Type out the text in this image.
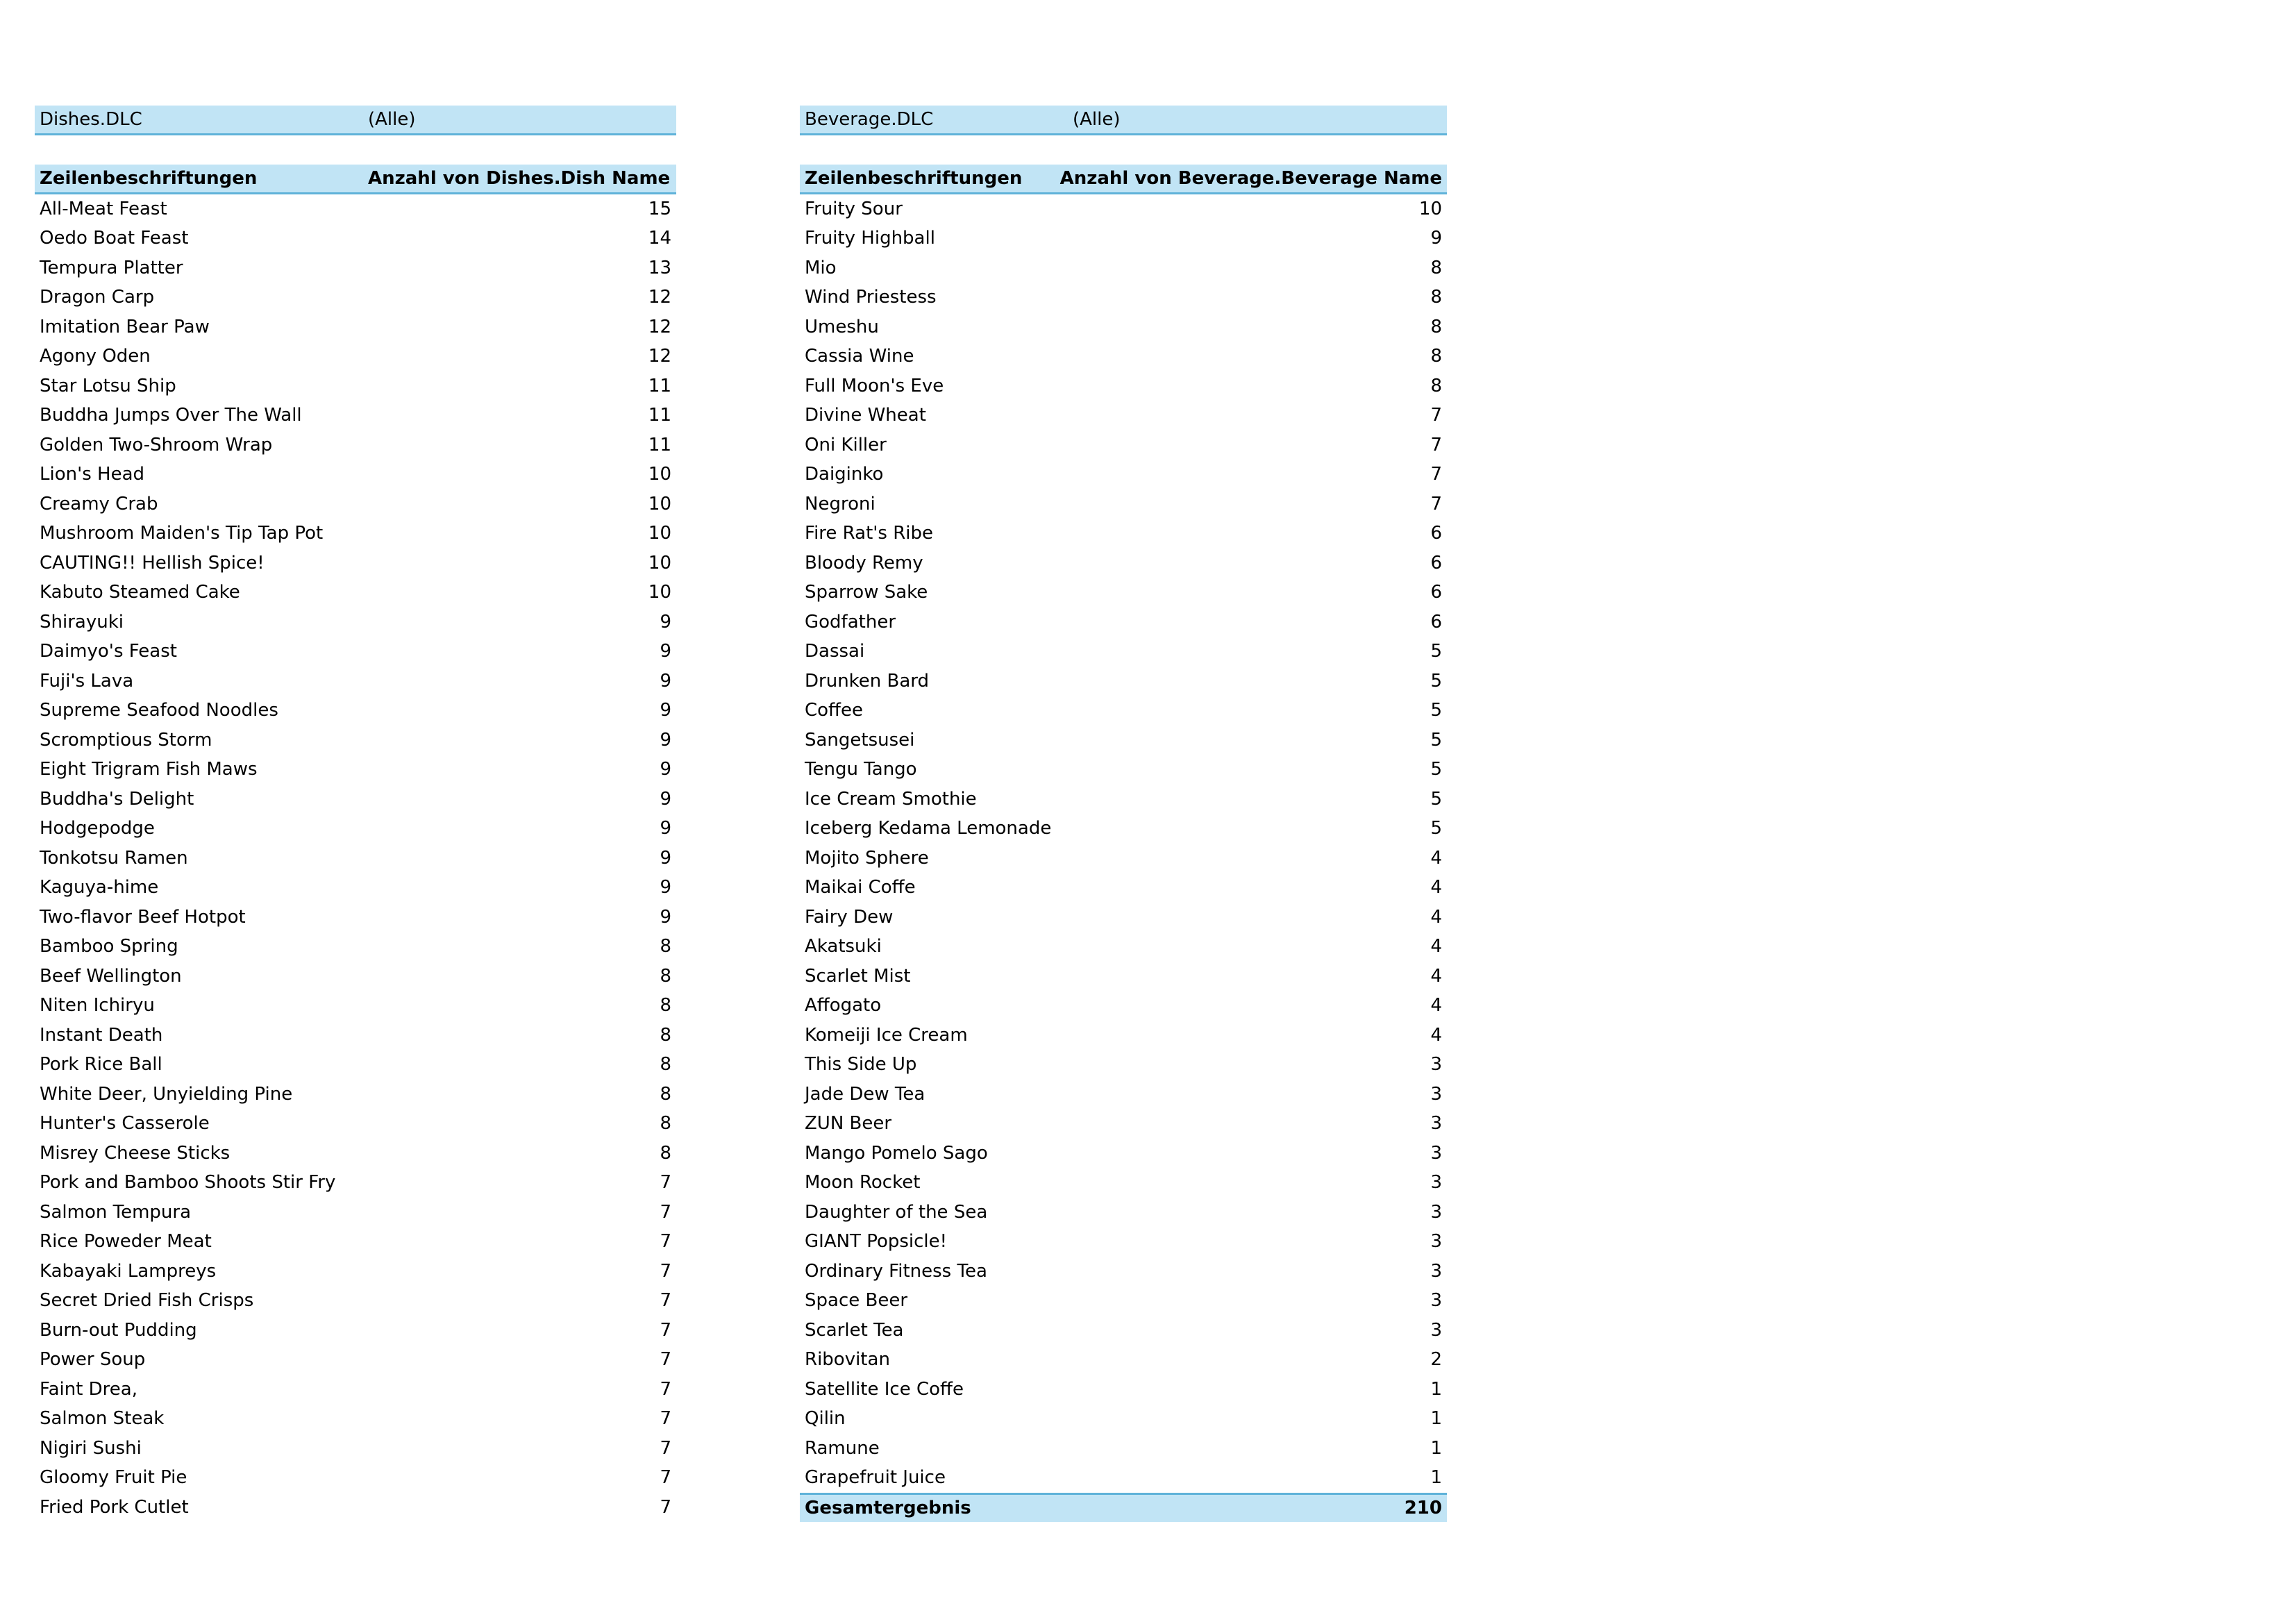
Dishes.DLC	(Alle)
Zeilenbeschriftungen	Anzahl von Dishes.Dish Name
All-Meat Feast	15
Oedo Boat Feast	14
Tempura Platter	13
Dragon Carp	12
Imitation Bear Paw	12
Agony Oden	12
Star Lotsu Ship	11
Buddha Jumps Over The Wall	11
Golden Two-Shroom Wrap	11
Lion's Head	10
Creamy Crab	10
Mushroom Maiden's Tip Tap Pot	10
CAUTING!! Hellish Spice!	10
Kabuto Steamed Cake	10
Shirayuki	9
Daimyo's Feast	9
Fuji's Lava	9
Supreme Seafood Noodles	9
Scromptious Storm	9
Eight Trigram Fish Maws	9
Buddha's Delight	9
Hodgepodge	9
Tonkotsu Ramen	9
Kaguya-hime	9
Two-flavor Beef Hotpot	9
Bamboo Spring	8
Beef Wellington	8
Niten Ichiryu	8
Instant Death	8
Pork Rice Ball	8
White Deer, Unyielding Pine	8
Hunter's Casserole	8
Misrey Cheese Sticks	8
Pork and Bamboo Shoots Stir Fry	7
Salmon Tempura	7
Rice Poweder Meat	7
Kabayaki Lampreys	7
Secret Dried Fish Crisps	7
Burn-out Pudding	7
Power Soup	7
Faint Drea,	7
Salmon Steak	7
Nigiri Sushi	7
Gloomy Fruit Pie	7
Fried Pork Cutlet	7
Beverage.DLC	(Alle)
Zeilenbeschriftungen	Anzahl von Beverage.Beverage Name
Fruity Sour	10
Fruity Highball	9
Mio	8
Wind Priestess	8
Umeshu	8
Cassia Wine	8
Full Moon's Eve	8
Divine Wheat	7
Oni Killer	7
Daiginko	7
Negroni	7
Fire Rat's Ribe	6
Bloody Remy	6
Sparrow Sake	6
Godfather	6
Dassai	5
Drunken Bard	5
Coffee	5
Sangetsusei	5
Tengu Tango	5
Ice Cream Smothie	5
Iceberg Kedama Lemonade	5
Mojito Sphere	4
Maikai Coffe	4
Fairy Dew	4
Akatsuki	4
Scarlet Mist	4
Affogato	4
Komeiji Ice Cream	4
This Side Up	3
Jade Dew Tea	3
ZUN Beer	3
Mango Pomelo Sago	3
Moon Rocket	3
Daughter of the Sea	3
GIANT Popsicle!	3
Ordinary Fitness Tea	3
Space Beer	3
Scarlet Tea	3
Ribovitan	2
Satellite Ice Coffe	1
Qilin	1
Ramune	1
Grapefruit Juice	1
Gesamtergebnis	210
